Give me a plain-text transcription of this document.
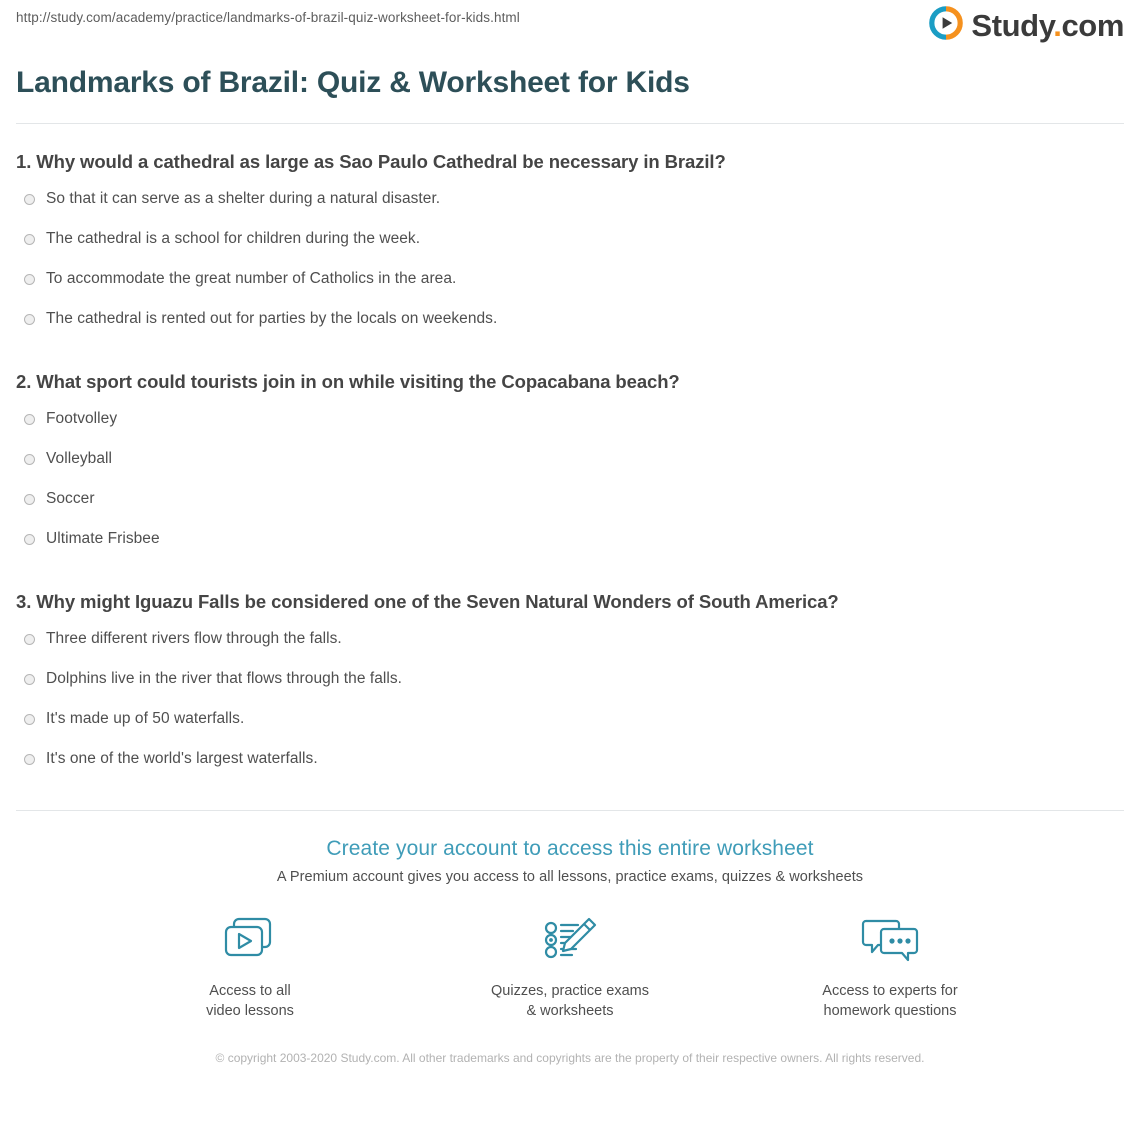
http://study.com/academy/practice/landmarks-of-brazil-quiz-worksheet-for-kids.html	Study.com
Landmarks of Brazil: Quiz & Worksheet for Kids

1. Why would a cathedral as large as Sao Paulo Cathedral be necessary in Brazil?

So that it can serve as a shelter during a natural disaster.
The cathedral is a school for children during the week.
To accommodate the great number of Catholics in the area.
The cathedral is rented out for parties by the locals on weekends.

2. What sport could tourists join in on while visiting the Copacabana beach?

Footvolley
Volleyball
Soccer
Ultimate Frisbee

3. Why might Iguazu Falls be considered one of the Seven Natural Wonders of South America?

Three different rivers flow through the falls.
Dolphins live in the river that flows through the falls.
It's made up of 50 waterfalls.
It's one of the world's largest waterfalls.
Create your account to access this entire worksheet
A Premium account gives you access to all lessons, practice exams, quizzes & worksheets
Access to all
video lessons
Quizzes, practice exams
& worksheets
Access to experts for
homework questions
© copyright 2003-2020 Study.com. All other trademarks and copyrights are the property of their respective owners. All rights reserved.
